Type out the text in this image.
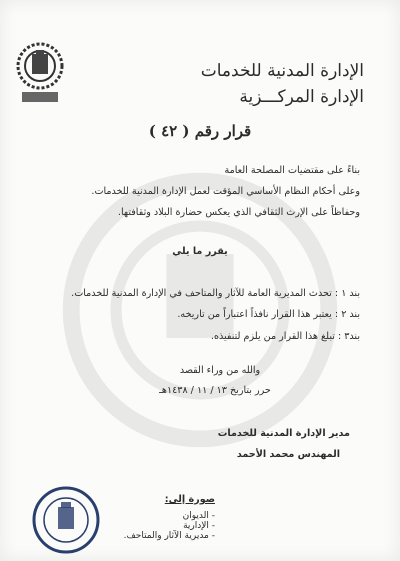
الإدارة المدنية للخدمات
الإدارة المركـــزية
قرار رقم ( ٤٢ )
بناءً على مقتضيات المصلحة العامة
وعلى أحكام النظام الأساسي المؤقت لعمل الإدارة المدنية للخدمات.
وحفاظاً على الإرث الثقافي الذي يعكس حضارة البلاد وثقافتها.
يقرر ما يلي
بند ١ : تحدث المديرية العامة للآثار والمتاحف في الإدارة المدنية للخدمات.
بند ٢ : يعتبر هذا القرار نافذاً اعتباراً من تاريخه.
بند٣ : تبلغ هذا القرار من يلزم لتنفيذه.
والله من وراء القصد
حرر بتاريخ ١٣ / ١١ / ١٤٣٨هـ
مدير الإدارة المدنية للخدمات
المهندس محمد الأحمد
صورة إلى:
- الديوان
- الإدارية
- مديرية الآثار والمتاحف.
